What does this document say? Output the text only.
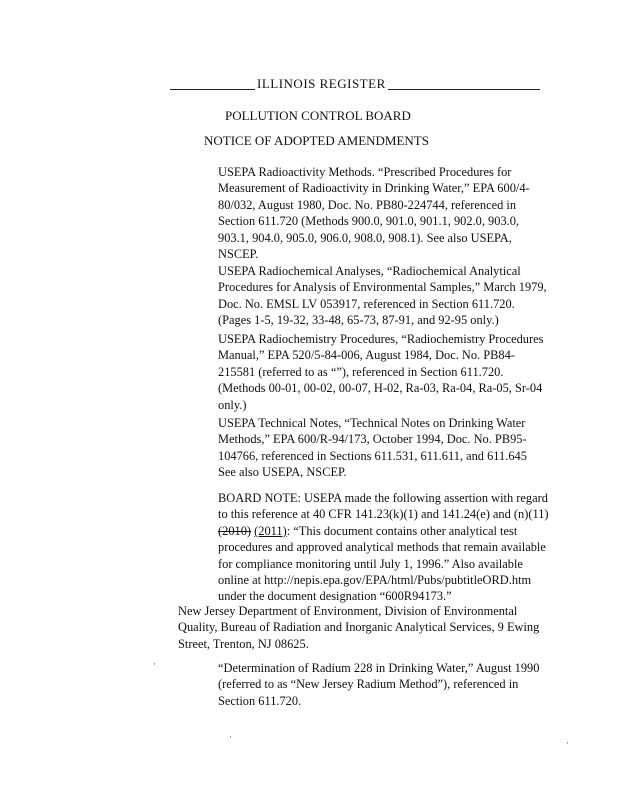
ILLINOIS REGISTER
POLLUTION CONTROL BOARD
NOTICE OF ADOPTED AMENDMENTS
USEPA Radioactivity Methods. “Prescribed Procedures for
Measurement of Radioactivity in Drinking Water,” EPA 600/4-
80/032, August 1980, Doc. No. PB80-224744, referenced in
Section 611.720 (Methods 900.0, 901.0, 901.1, 902.0, 903.0,
903.1, 904.0, 905.0, 906.0, 908.0, 908.1). See also USEPA,
NSCEP.
USEPA Radiochemical Analyses, “Radiochemical Analytical
Procedures for Analysis of Environmental Samples,” March 1979,
Doc. No. EMSL LV 053917, referenced in Section 611.720.
(Pages 1-5, 19-32, 33-48, 65-73, 87-91, and 92-95 only.)
USEPA Radiochemistry Procedures, “Radiochemistry Procedures
Manual,” EPA 520/5-84-006, August 1984, Doc. No. PB84-
215581 (referred to as “”), referenced in Section 611.720.
(Methods 00-01, 00-02, 00-07, H-02, Ra-03, Ra-04, Ra-05, Sr-04
only.)
USEPA Technical Notes, “Technical Notes on Drinking Water
Methods,” EPA 600/R-94/173, October 1994, Doc. No. PB95-
104766, referenced in Sections 611.531, 611.611, and 611.645
See also USEPA, NSCEP.
BOARD NOTE: USEPA made the following assertion with regard
to this reference at 40 CFR 141.23(k)(1) and 141.24(e) and (n)(11)
(2010) (2011): “This document contains other analytical test
procedures and approved analytical methods that remain available
for compliance monitoring until July 1, 1996.” Also available
online at http://nepis.epa.gov/EPA/html/Pubs/pubtitleORD.htm
under the document designation “600R94173.”
New Jersey Department of Environment, Division of Environmental
Quality, Bureau of Radiation and Inorganic Analytical Services, 9 Ewing
Street, Trenton, NJ 08625.
“Determination of Radium 228 in Drinking Water,” August 1990
(referred to as “New Jersey Radium Method”), referenced in
Section 611.720.
·
·
·
